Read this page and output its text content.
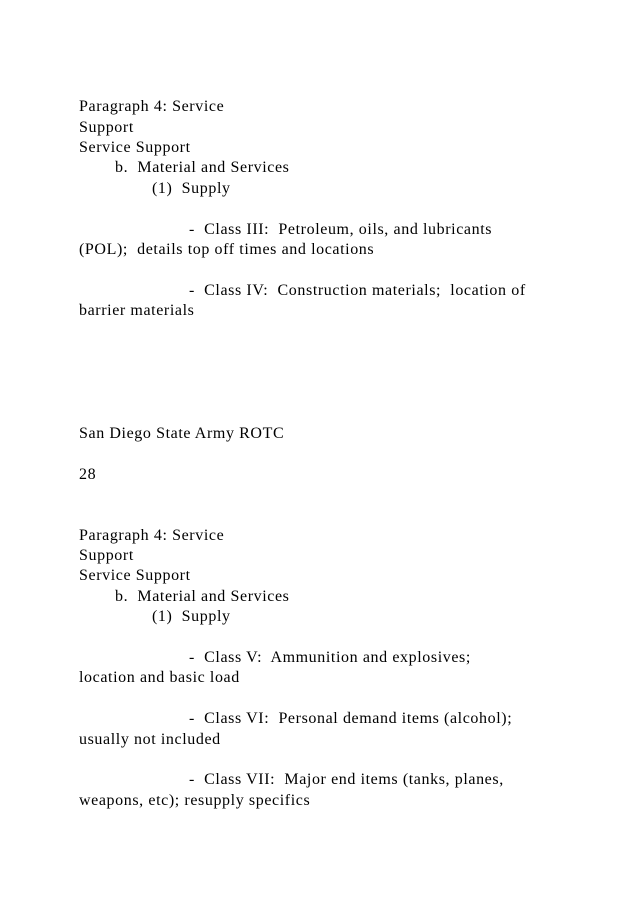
Paragraph 4: Service
Support
Service Support
b.  Material and Services
(1)  Supply
-  Class III:  Petroleum, oils, and lubricants
(POL);  details top off times and locations
-  Class IV:  Construction materials;  location of
barrier materials
San Diego State Army ROTC
28
Paragraph 4: Service
Support
Service Support
b.  Material and Services
(1)  Supply
-  Class V:  Ammunition and explosives;
location and basic load
-  Class VI:  Personal demand items (alcohol);
usually not included
-  Class VII:  Major end items (tanks, planes,
weapons, etc); resupply specifics
